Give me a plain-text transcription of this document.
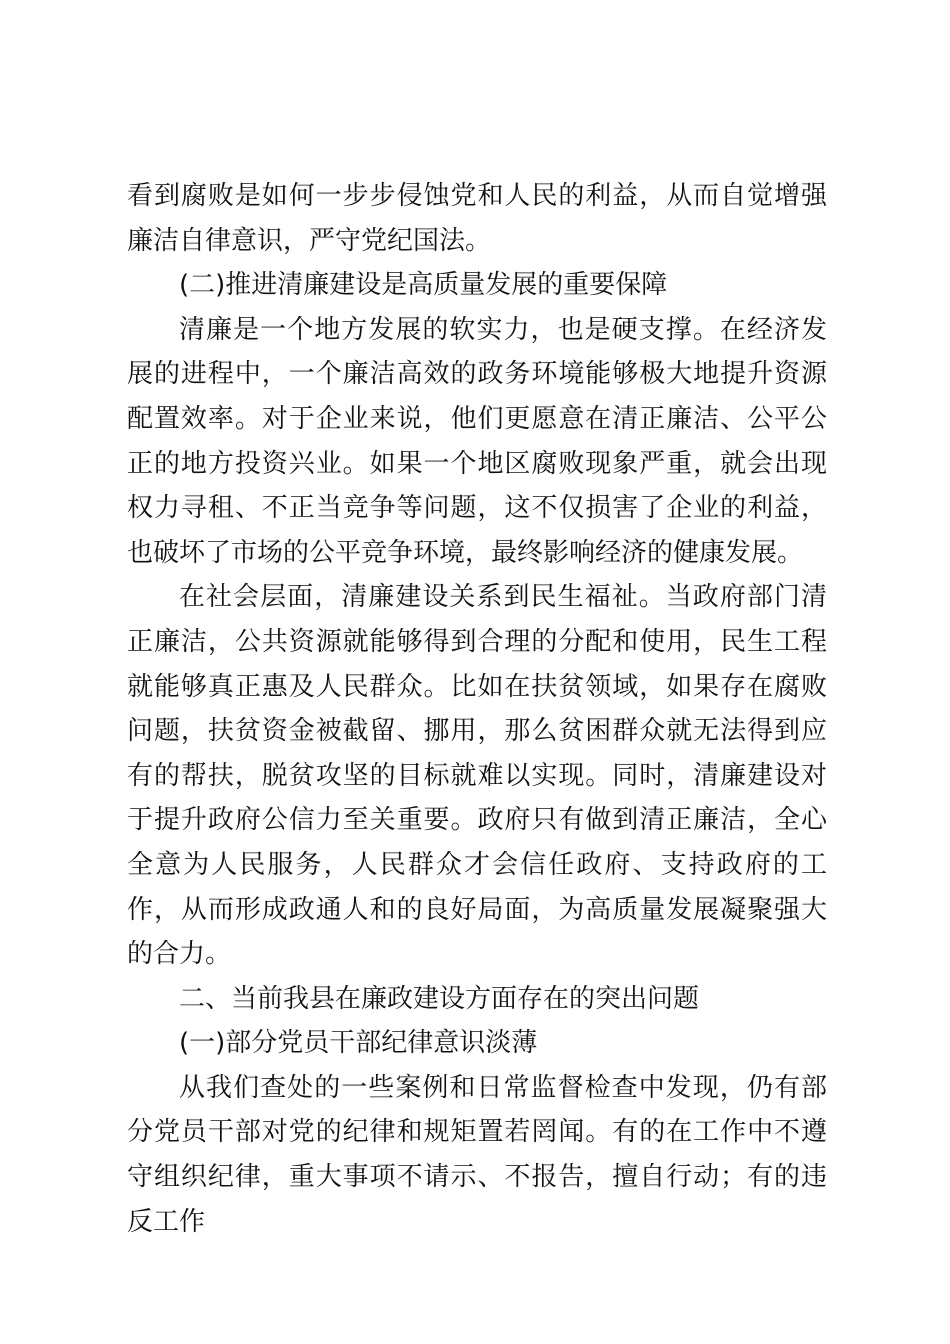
看到腐败是如何一步步侵蚀党和人民的利益，从而自觉增强廉洁自律意识，严守党纪国法。

(二)推进清廉建设是高质量发展的重要保障

清廉是一个地方发展的软实力，也是硬支撑。在经济发展的进程中，一个廉洁高效的政务环境能够极大地提升资源配置效率。对于企业来说，他们更愿意在清正廉洁、公平公正的地方投资兴业。如果一个地区腐败现象严重，就会出现权力寻租、不正当竞争等问题，这不仅损害了企业的利益，也破坏了市场的公平竞争环境，最终影响经济的健康发展。

在社会层面，清廉建设关系到民生福祉。当政府部门清正廉洁，公共资源就能够得到合理的分配和使用，民生工程就能够真正惠及人民群众。比如在扶贫领域，如果存在腐败问题，扶贫资金被截留、挪用，那么贫困群众就无法得到应有的帮扶，脱贫攻坚的目标就难以实现。同时，清廉建设对于提升政府公信力至关重要。政府只有做到清正廉洁，全心全意为人民服务，人民群众才会信任政府、支持政府的工作，从而形成政通人和的良好局面，为高质量发展凝聚强大的合力。

二、当前我县在廉政建设方面存在的突出问题

(一)部分党员干部纪律意识淡薄

从我们查处的一些案例和日常监督检查中发现，仍有部分党员干部对党的纪律和规矩置若罔闻。有的在工作中不遵守组织纪律，重大事项不请示、不报告，擅自行动；有的违反工作
